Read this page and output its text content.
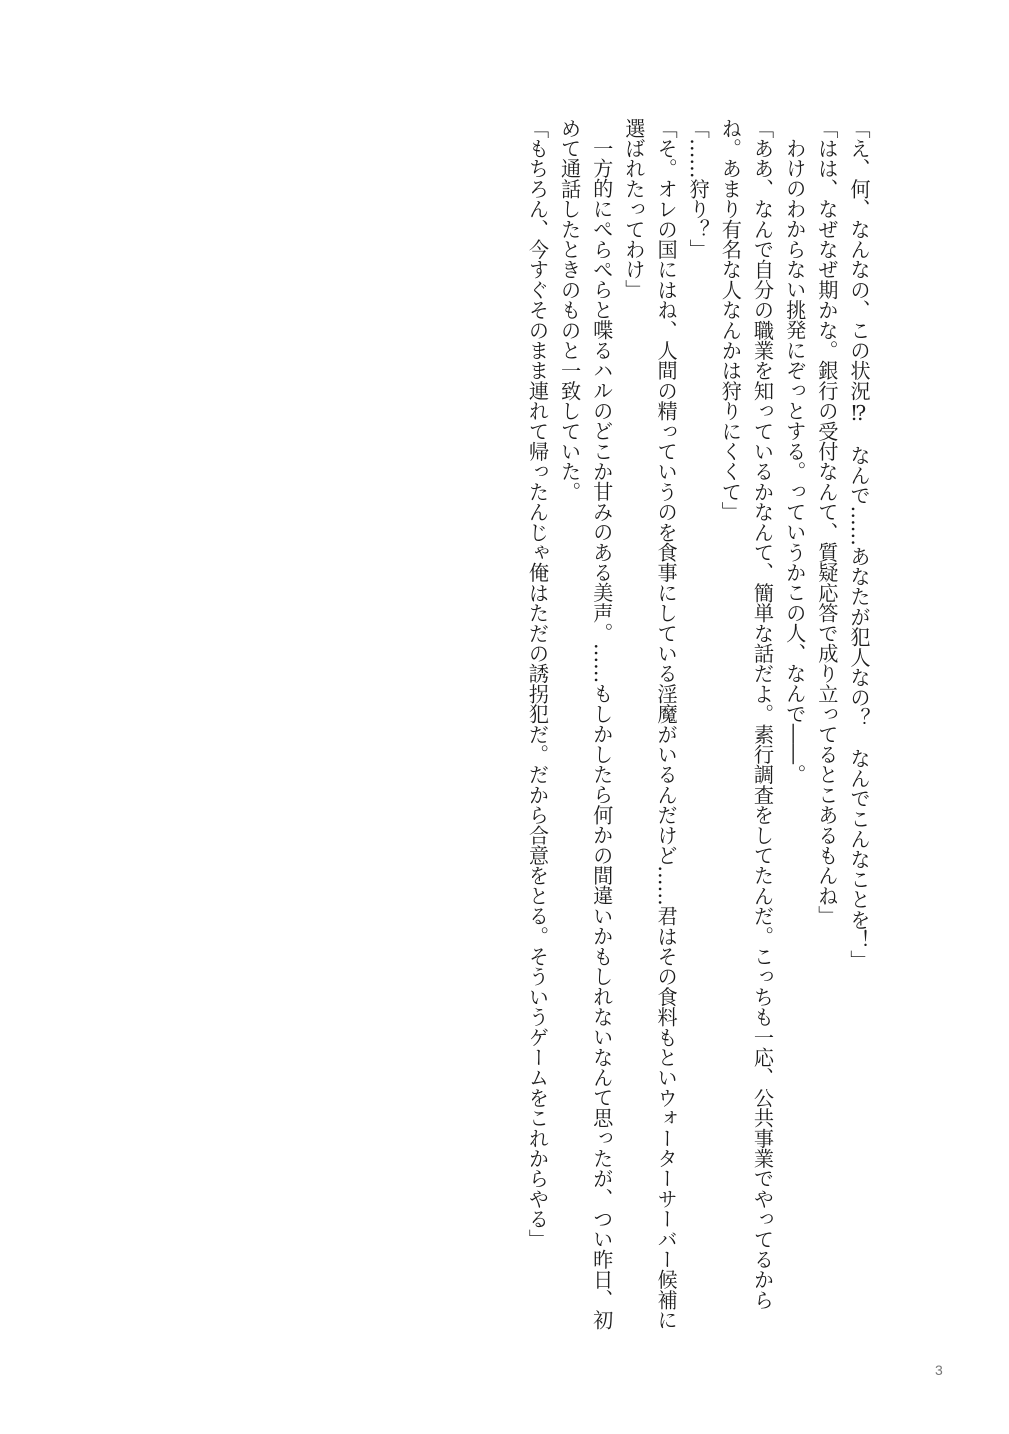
「え、何、なんなの、この状況⁉　なんで……あなたが犯人なの？　なんでこんなことを！」

「はは、なぜなぜ期かな。銀行の受付なんて、質疑応答で成り立ってるとこあるもんね」

わけのわからない挑発にぞっとする。っていうかこの人、なんで――。

「ああ、なんで自分の職業を知っているかなんて、簡単な話だよ。素行調査をしてたんだ。こっちも一応、公共事業でやってるからね。あまり有名な人なんかは狩りにくくて」

「……狩り？」

「そ。オレの国にはね、人間の精っていうのを食事にしている淫魔がいるんだけど……君はその食料もといウォーターサーバー候補に選ばれたってわけ」

一方的にぺらぺらと喋るハルのどこか甘みのある美声。……もしかしたら何かの間違いかもしれないなんて思ったが、つい昨日、初めて通話したときのものと一致していた。

「もちろん、今すぐそのまま連れて帰ったんじゃ俺はただの誘拐犯だ。だから合意をとる。そういうゲームをこれからやる」

3
